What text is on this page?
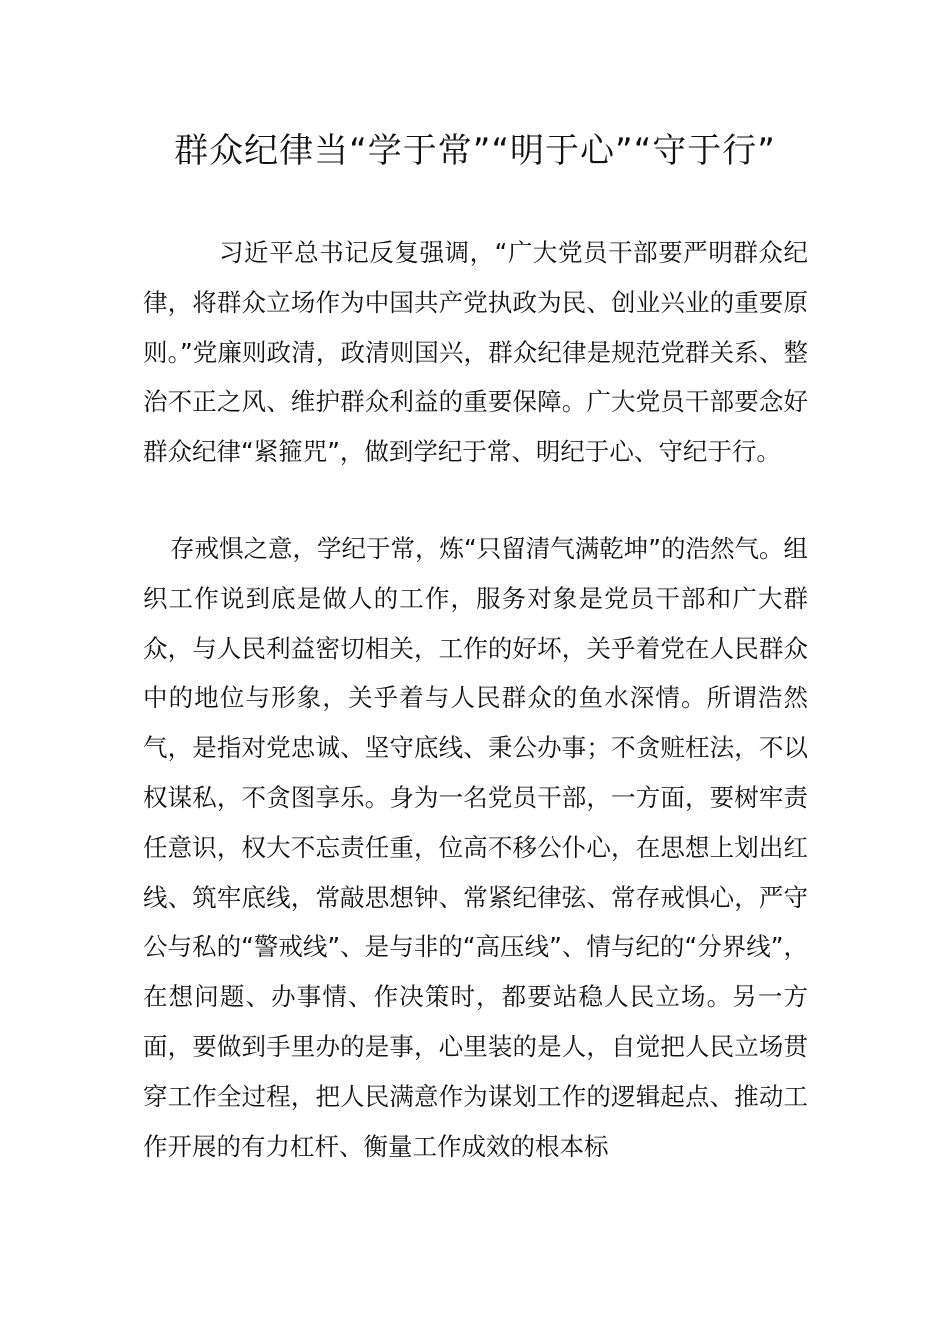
群众纪律当“学于常”“明于心”“守于行”

习近平总书记反复强调，“广大党员干部要严明群众纪律，将群众立场作为中国共产党执政为民、创业兴业的重要原则。”党廉则政清，政清则国兴，群众纪律是规范党群关系、整治不正之风、维护群众利益的重要保障。广大党员干部要念好群众纪律“紧箍咒”，做到学纪于常、明纪于心、守纪于行。

存戒惧之意，学纪于常，炼“只留清气满乾坤”的浩然气。组织工作说到底是做人的工作，服务对象是党员干部和广大群众，与人民利益密切相关，工作的好坏，关乎着党在人民群众中的地位与形象，关乎着与人民群众的鱼水深情。所谓浩然气，是指对党忠诚、坚守底线、秉公办事；不贪赃枉法，不以权谋私，不贪图享乐。身为一名党员干部，一方面，要树牢责任意识，权大不忘责任重，位高不移公仆心，在思想上划出红线、筑牢底线，常敲思想钟、常紧纪律弦、常存戒惧心，严守公与私的“警戒线”、是与非的“高压线”、情与纪的“分界线”，在想问题、办事情、作决策时，都要站稳人民立场。另一方面，要做到手里办的是事，心里装的是人，自觉把人民立场贯穿工作全过程，把人民满意作为谋划工作的逻辑起点、推动工作开展的有力杠杆、衡量工作成效的根本标
